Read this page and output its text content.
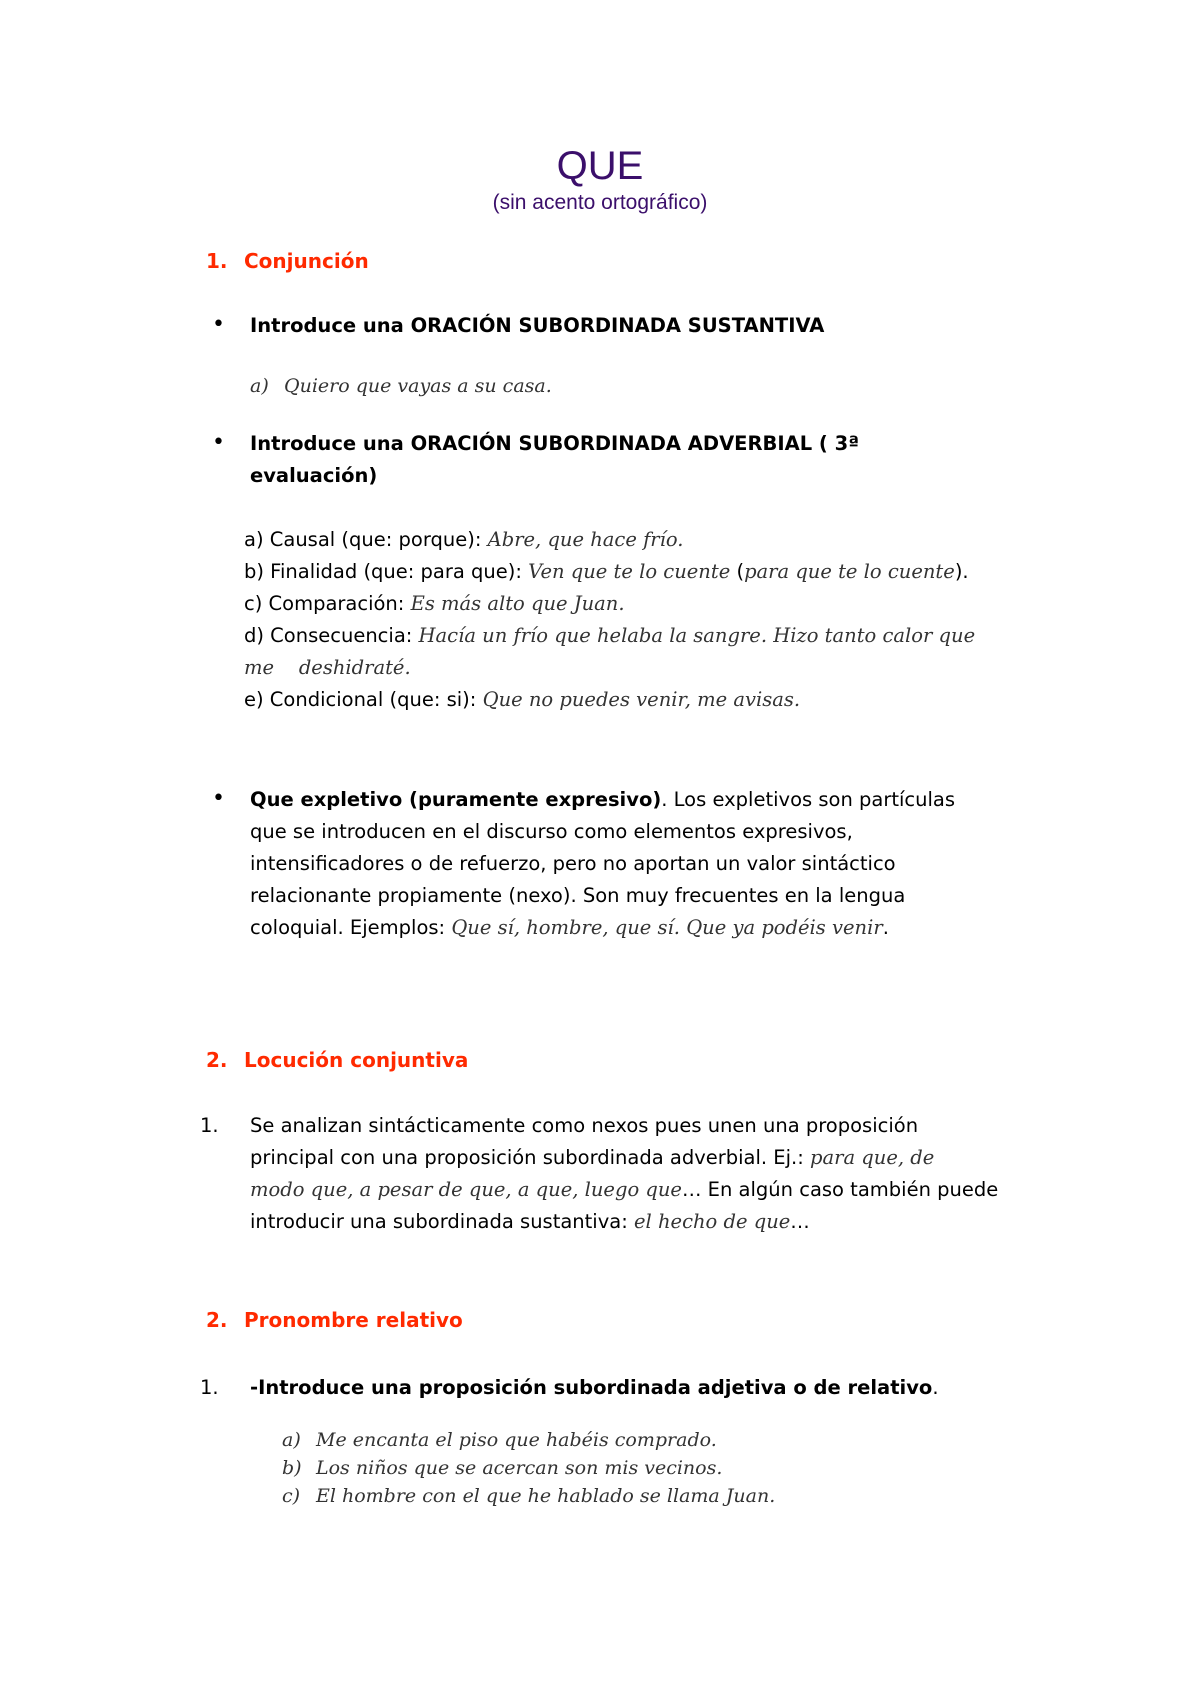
QUE
(sin acento ortográfico)
1. Conjunción
• Introduce una ORACIÓN SUBORDINADA SUSTANTIVA
a) Quiero que vayas a su casa.
• Introduce una ORACIÓN SUBORDINADA ADVERBIAL ( 3ª
evaluación)
a) Causal (que: porque): Abre, que hace frío.
b) Finalidad (que: para que): Ven que te lo cuente (para que te lo cuente).
c) Comparación: Es más alto que Juan.
d) Consecuencia: Hacía un frío que helaba la sangre. Hizo tanto calor que
me    deshidraté.
e) Condicional (que: si): Que no puedes venir, me avisas.
• Que expletivo (puramente expresivo). Los expletivos son partículas
que se introducen en el discurso como elementos expresivos,
intensificadores o de refuerzo, pero no aportan un valor sintáctico
relacionante propiamente (nexo). Son muy frecuentes en la lengua
coloquial. Ejemplos: Que sí, hombre, que sí. Que ya podéis venir.
2. Locución conjuntiva
1. Se analizan sintácticamente como nexos pues unen una proposición
principal con una proposición subordinada adverbial. Ej.: para que, de
modo que, a pesar de que, a que, luego que… En algún caso también puede
introducir una subordinada sustantiva: el hecho de que…
2. Pronombre relativo
1. -Introduce una proposición subordinada adjetiva o de relativo.
a) Me encanta el piso que habéis comprado.
b) Los niños que se acercan son mis vecinos.
c) El hombre con el que he hablado se llama Juan.
